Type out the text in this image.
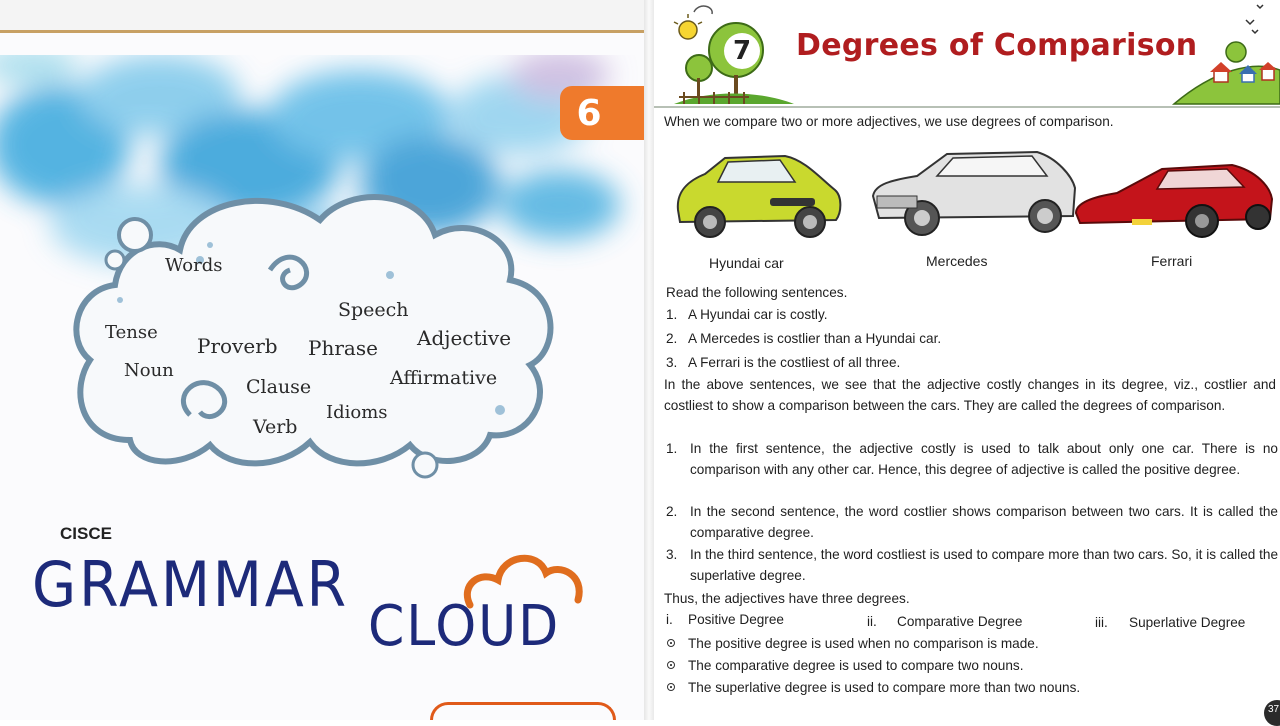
6
Words
Tense
Noun
Proverb Phrase
Speech
Adjective
Clause	Affirmative
Verb
Idioms
CISCE
GRAMMAR
CLOUD
7 Degrees of Comparison
When we compare two or more adjectives, we use degrees of comparison.
Hyundai car	Mercedes	Ferrari
Read the following sentences.
1. A Hyundai car is costly.
2. A Mercedes is costlier than a Hyundai car.
3. A Ferrari is the costliest of all three.
In the above sentences, we see that the adjective costly changes in its degree, viz., costlier and costliest to show a comparison between the cars. They are called the degrees of comparison.
1. In the first sentence, the adjective costly is used to talk about only one car. There is no comparison with any other car. Hence, this degree of adjective is called the positive degree.
2. In the second sentence, the word costlier shows comparison between two cars. It is called the comparative degree.
3. In the third sentence, the word costliest is used to compare more than two cars. So, it is called the superlative degree.
Thus, the adjectives have three degrees.
i. Positive Degree	ii. Comparative Degree	iii. Superlative Degree
The positive degree is used when no comparison is made.
The comparative degree is used to compare two nouns.
The superlative degree is used to compare more than two nouns.
37
